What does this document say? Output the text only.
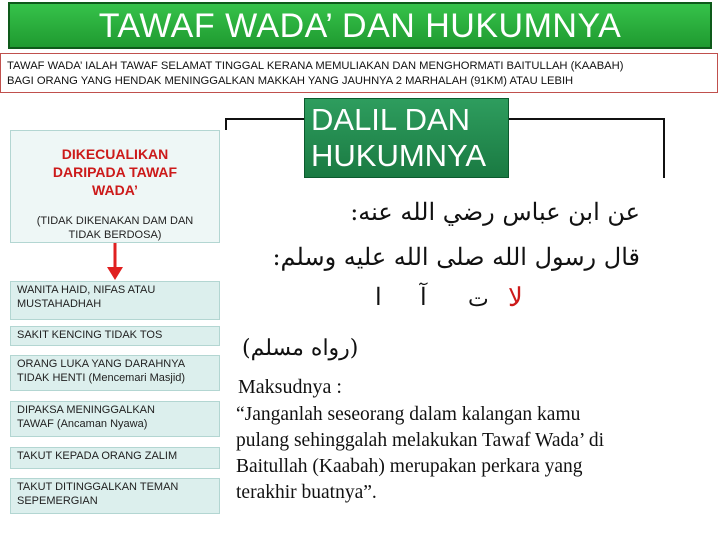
TAWAF WADA’ DAN HUKUMNYA
TAWAF WADA’ IALAH TAWAF SELAMAT TINGGAL KERANA MEMULIAKAN DAN MENGHORMATI BAITULLAH (KAABAH)
BAGI ORANG YANG HENDAK MENINGGALKAN MAKKAH YANG JAUHNYA 2 MARHALAH (91KM) ATAU LEBIH
DIKECUALIKAN
DARIPADA TAWAF
WADA’
(TIDAK DIKENAKAN DAM DAN
TIDAK BERDOSA)
WANITA HAID, NIFAS ATAU
MUSTAHADHAH
SAKIT KENCING TIDAK TOS
ORANG LUKA YANG DARAHNYA
TIDAK HENTI (Mencemari Masjid)
DIPAKSA MENINGGALKAN
TAWAF (Ancaman Nyawa)
TAKUT KEPADA ORANG ZALIM
TAKUT DITINGGALKAN TEMAN
SEPEMERGIAN
DALIL DAN
HUKUMNYA
عن ابن عباس رضي الله عنه:
قال رسول الله صلى الله عليه وسلم:
لا
ت
آ
ا
(رواه مسلم)
Maksudnya :
“Janganlah seseorang dalam kalangan kamu
pulang sehinggalah melakukan Tawaf Wada’ di
Baitullah (Kaabah) merupakan perkara yang
terakhir buatnya”.
